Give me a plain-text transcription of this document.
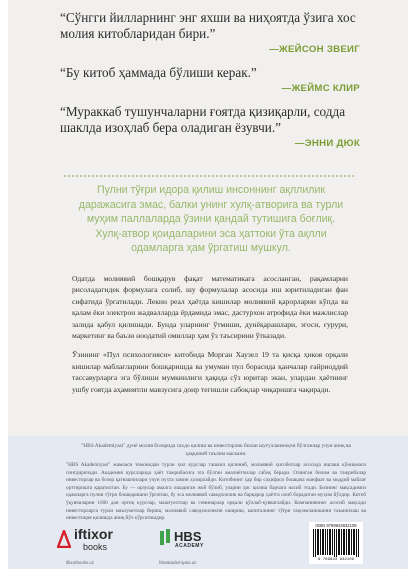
“Сўнгги йилларнинг энг яхши ва ниҳоятда ўзига хос молия китобларидан бири.”
—ЖЕЙСОН ЗВЕИГ
“Бу китоб ҳаммада бўлиши керак.”
—ЖЕЙМС КЛИР
“Мураккаб тушунчаларни ғоятда қизиқарли, содда шаклда изоҳлаб бера оладиган ёзувчи.”
—ЭННИ ДЮК
Пулни тўғри идора қилиш инсоннинг ақллилик даражасига эмас, балки унинг хулқ-атворига ва турли муҳим паллаларда ўзини қандай тутишига боғлиқ. Хулқ-атвор қоидаларини эса ҳаттоки ўта ақлли одамларга ҳам ўргатиш мушкул.

Одатда молиявий бошқарув фақат математикага асосланган, рақамларни рисоладагидек формулага солиб, шу формулалар асосида иш юритиладиган фан сифатида ўргатилади. Лекин реал ҳаётда кишилар молиявий қарорларни кўпда ва қалам ёки электрон жадвалларда ёрдамида эмас, дастурхон атрофида ёки мажлислар залида қабул қилишади. Бунда уларнинг ўтмиши, дунёқарашлари, эгоси, ғурури, маркетинг ва баъзи ноодатий омиллар ҳам ўз таъсирини ўтказади.

Ўзининг «Пул психологияси» китобида Морган Хаузел 19 та қисқа ҳикоя орқали кишилар маблағларини бошқаришда ва умуман пул борасида қанчалар ғайриоддий тассавурларга эга бўлиши мумкинлиги ҳақида сўз юритар экан, улардан ҳаётнинг ушбу ғоятда аҳамиятли мавзусига доир тегишли сабоқлар чиқаришга чақиради.

"HBS Akademiyasi" дунё молия бозорида сахдо қилиш ва инвесторлик билан шуғулланмоқчи бўлганлар учун аниқ ва ҳаққоний таълим маскани.
"HBS Akademiyasi" жамоаси томонидан турли ҳил курслар ташкил қилиниб, молиявий ҳисоботлар асосида ишлаш кўникмаси сингдирилади. Академия курсларида ҳаёт тажрибасига эга бўлган амалиётчилар сабоқ беради. Олинган билим ва тажрибалар инвесторлар ва бозор қатнашчилари учун пухта замин ҳозирлайди. Китобнинг ҳар бир саҳифаси бошқача манфаат ва моддий маблағ орттиришга қаратилган. Бу — орзулар амалга ошадиган жой бўлиб, уларни ҳис қилиш барчага насиб этади. Бизнинг мақсадимиз одамларга пулни тўғри бошқаришни ўргатиш, бу эса молиявий саводхонлик ва барқарор ҳаётга олиб борадиган муҳим йўлдир. Китоб ўқувчиларни 1600 дан ортиқ курслар, машғулотлар ва семинарлар орқали қўллаб-қувватлайди. Компаниянинг асосий мақсади инвесторларга турли маълумотлар бериш, молиявий саводхонликни ошириш, капиталнинг тўғри тақсимланишини таъминлаш ва инвестиция қилишда аниқ йўл кўрсатишдир.
iftixor
books
iftixorbooks.uz
HBS
ACADEMY
hbsakademiyasi.uz
ISBN 9789943832109
9 789943 832109
